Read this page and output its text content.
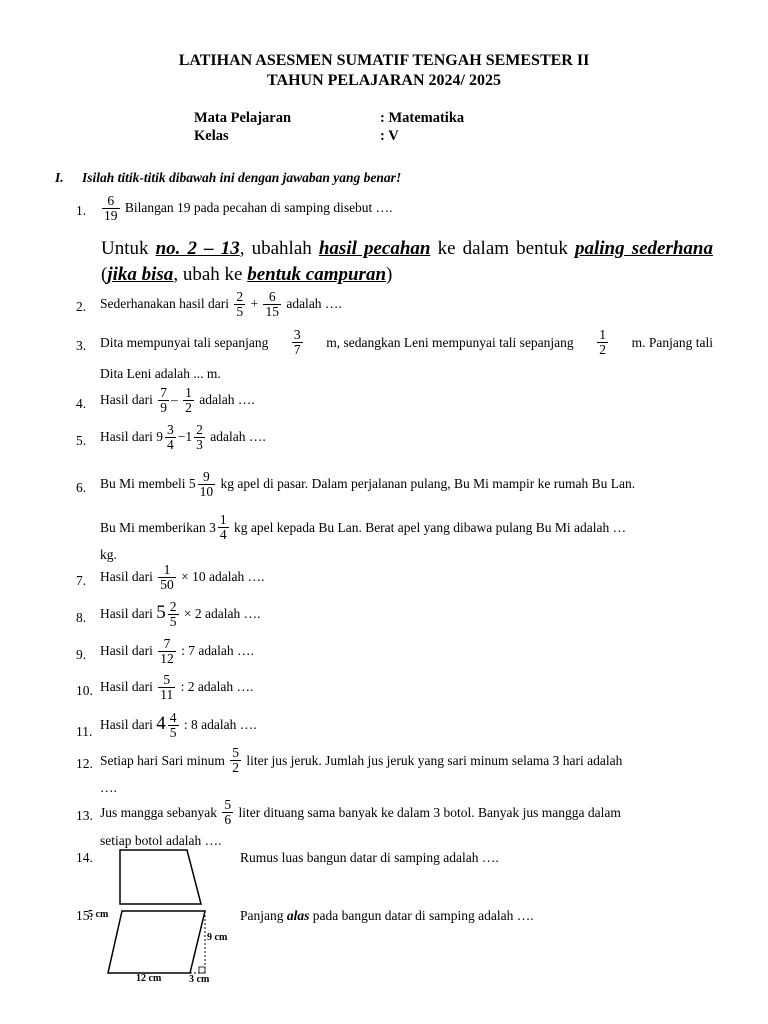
LATIHAN ASESMEN SUMATIF TENGAH SEMESTER II
TAHUN PELAJARAN 2024/ 2025
Mata Pelajaran	: Matematika
Kelas	: V
I. Isilah titik-titik dibawah ini dengan jawaban yang benar!
1. $\frac{6}{19}$ Bilangan 19 pada pecahan di samping disebut ….
Untuk no. 2 – 13, ubahlah hasil pecahan ke dalam bentuk paling sederhana (jika bisa, ubah ke bentuk campuran)
2. Sederhanakan hasil dari $\frac{2}{5} + \frac{6}{15}$ adalah ….
3. Dita mempunyai tali sepanjang $\frac{3}{7} m$, sedangkan Leni mempunyai tali sepanjang $\frac{1}{2} m$. Panjang tali
Dita Leni adalah ... m.
4. Hasil dari $\frac{7}{9} - \frac{1}{2}$ adalah ….
5. Hasil dari $9 \frac{3}{4} -1 \frac{2}{3}$ adalah ….
6. Bu Mi membeli $5 \frac{9}{10}$ kg apel di pasar. Dalam perjalanan pulang, Bu Mi mampir ke rumah Bu Lan.
Bu Mi memberikan
$3 \frac{1}{4}$
kg apel kepada Bu Lan. Berat apel yang dibawa pulang Bu Mi adalah …
kg.
7. Hasil dari $\frac{1}{50} \times 10$ adalah ….
8. Hasil dari $5 \frac{2}{5} \times 2$ adalah ….
9. Hasil dari $\frac{7}{12}$ : 7 adalah ….
10. Hasil dari $\frac{5}{11}$ : 2 adalah ….
11. Hasil dari $4 \frac{4}{5}$ : 8 adalah ….
12. Setiap hari Sari minum
$\frac{5}{2}$
liter jus jeruk. Jumlah jus jeruk yang sari minum selama 3 hari adalah
….
13. Jus mangga sebanyak
$\frac{5}{6}$
liter dituang sama banyak ke dalam 3 botol. Banyak jus mangga dalam
setiap botol adalah ….
14.	Rumus luas bangun datar di samping adalah ….
15.
5 cm
9 cm
12 cm	3 cm
Panjang alas pada bangun datar di samping adalah ….
